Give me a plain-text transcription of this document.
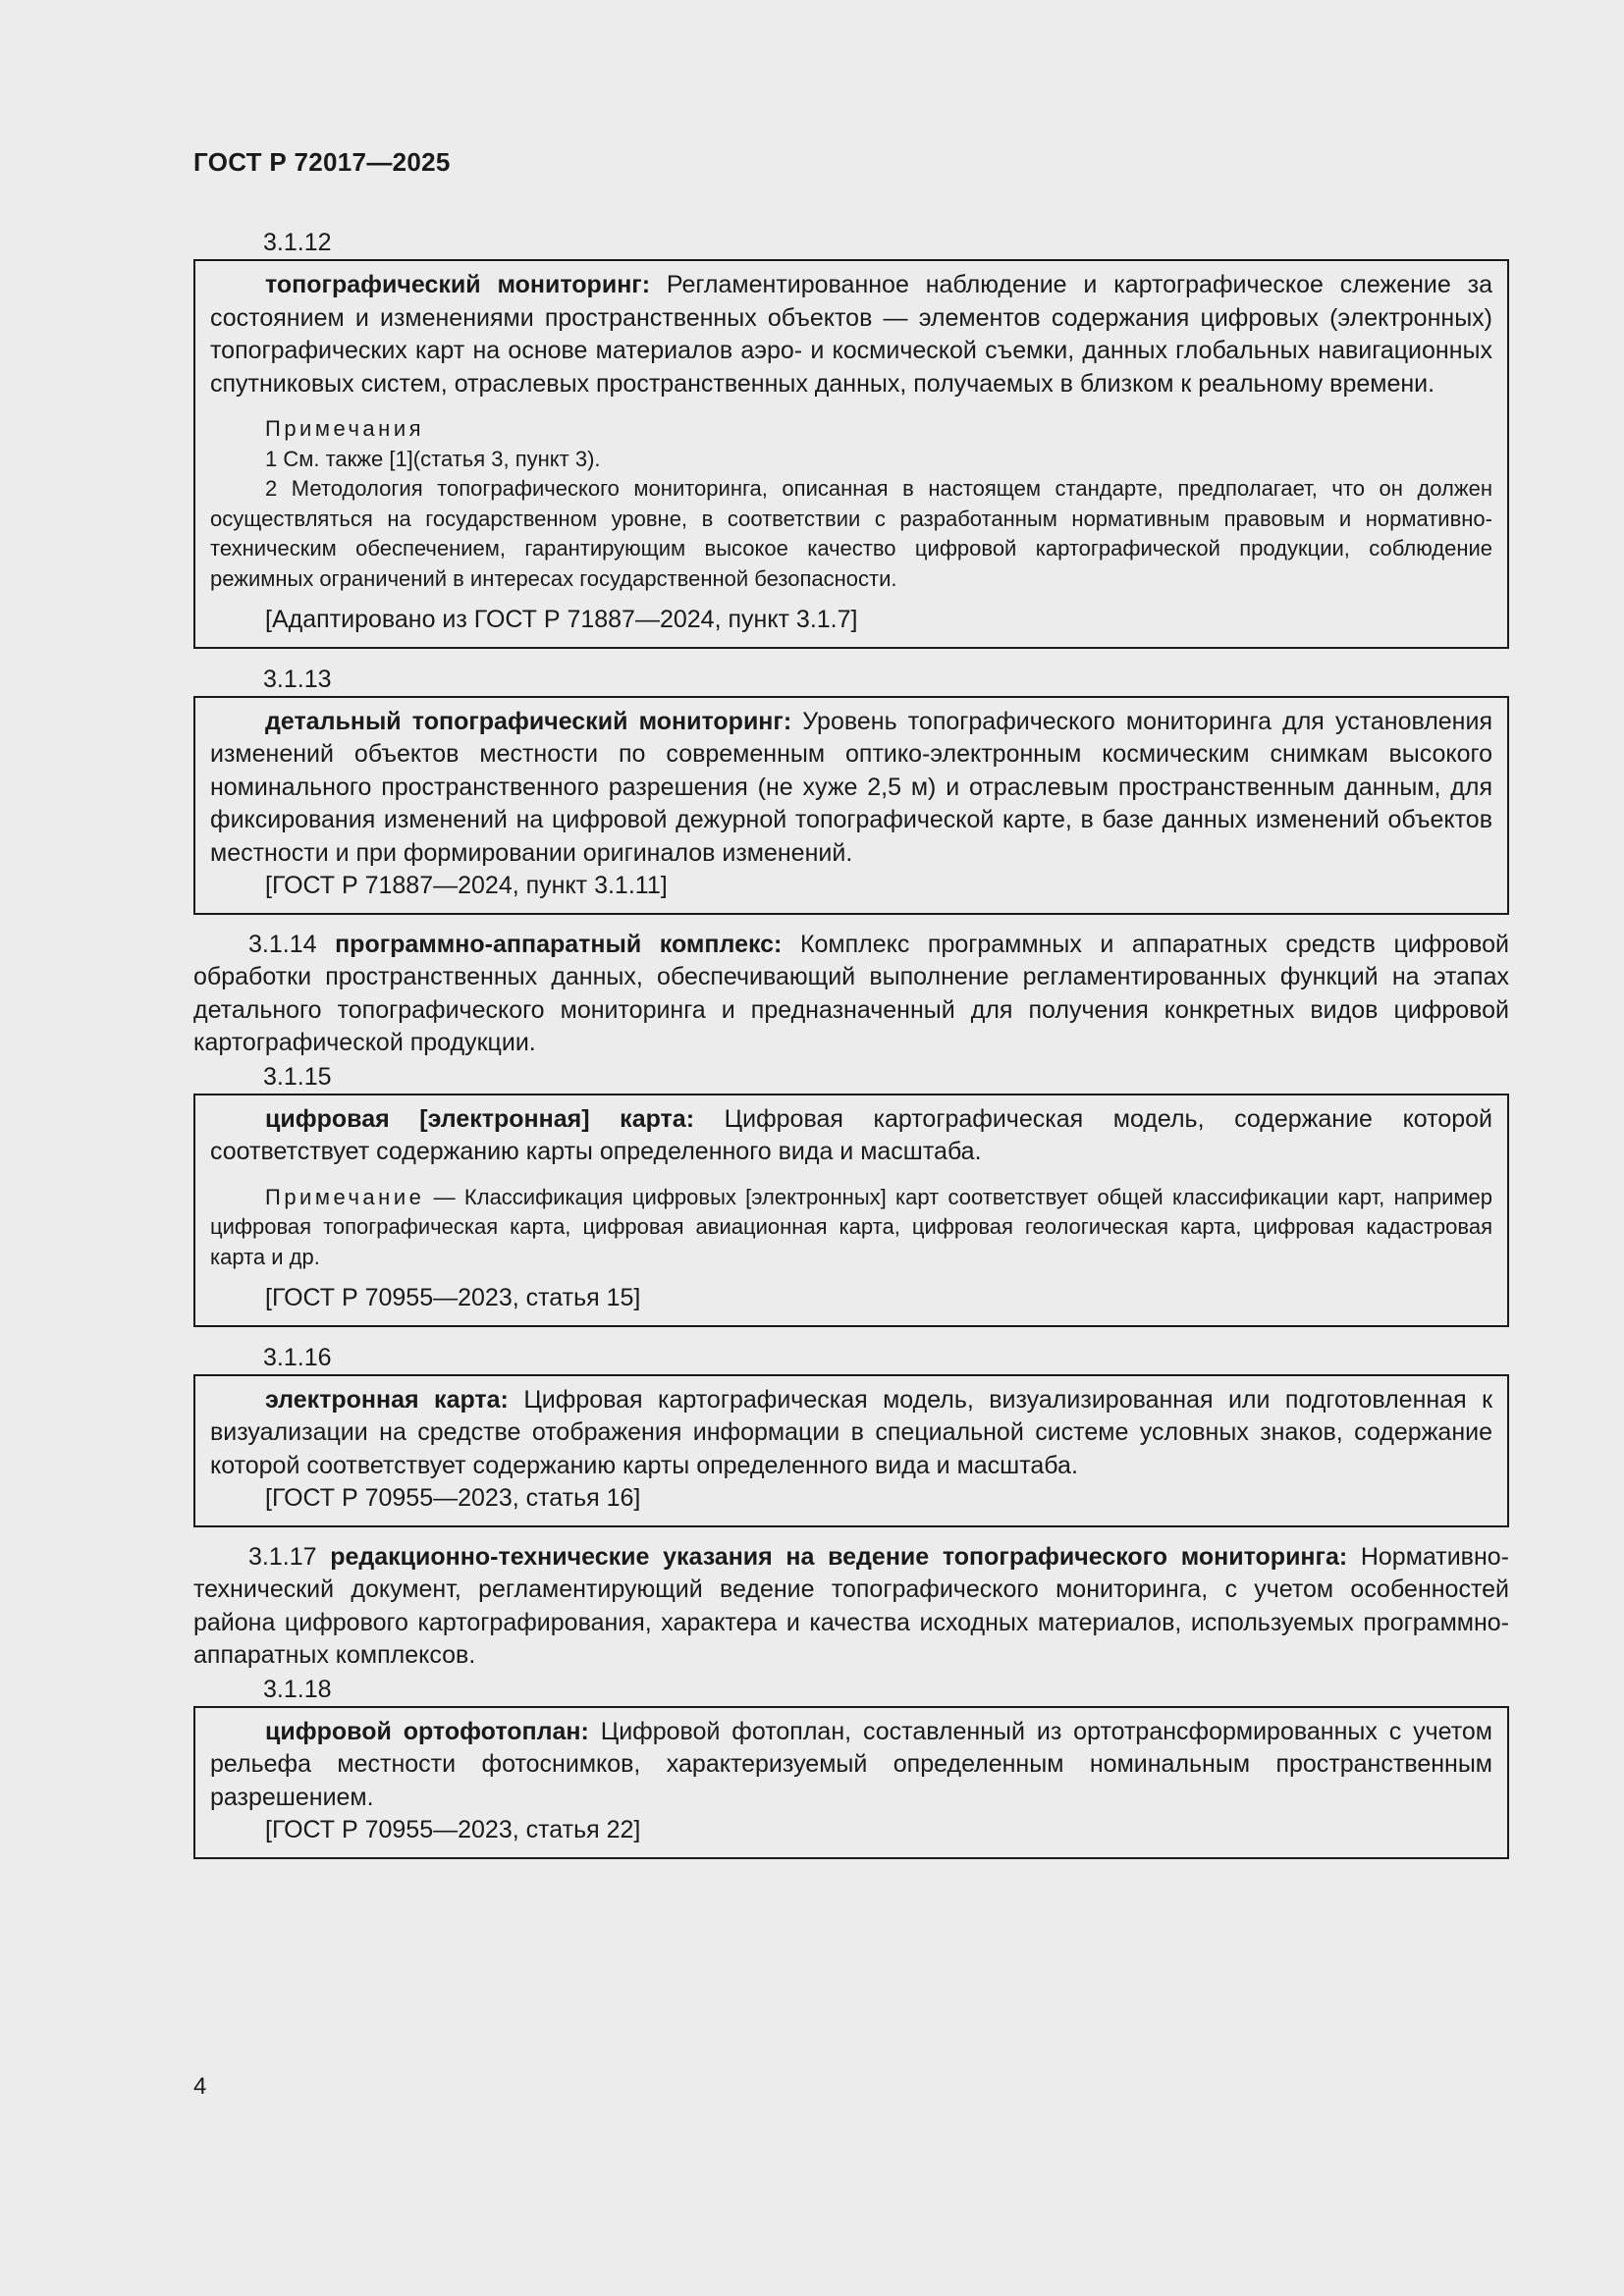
ГОСТ Р 72017—2025
3.1.12

топографический мониторинг: Регламентированное наблюдение и картографическое слежение за состоянием и изменениями пространственных объектов — элементов содержания цифровых (электронных) топографических карт на основе материалов аэро- и космической съемки, данных глобальных навигационных спутниковых систем, отраслевых пространственных данных, получаемых в близком к реальному времени.

Примечания

1 См. также [1](статья 3, пункт 3).

2 Методология топографического мониторинга, описанная в настоящем стандарте, предполагает, что он должен осуществляться на государственном уровне, в соответствии с разработанным нормативным правовым и нормативно-техническим обеспечением, гарантирующим высокое качество цифровой картографической продукции, соблюдение режимных ограничений в интересах государственной безопасности.

[Адаптировано из ГОСТ Р 71887—2024, пункт 3.1.7]
3.1.13

детальный топографический мониторинг: Уровень топографического мониторинга для установления изменений объектов местности по современным оптико-электронным космическим снимкам высокого номинального пространственного разрешения (не хуже 2,5 м) и отраслевым пространственным данным, для фиксирования изменений на цифровой дежурной топографической карте, в базе данных изменений объектов местности и при формировании оригиналов изменений.

[ГОСТ Р 71887—2024, пункт 3.1.11]

3.1.14 программно-аппаратный комплекс: Комплекс программных и аппаратных средств цифровой обработки пространственных данных, обеспечивающий выполнение регламентированных функций на этапах детального топографического мониторинга и предназначенный для получения конкретных видов цифровой картографической продукции.

3.1.15

цифровая [электронная] карта: Цифровая картографическая модель, содержание которой соответствует содержанию карты определенного вида и масштаба.

Примечание — Классификация цифровых [электронных] карт соответствует общей классификации карт, например цифровая топографическая карта, цифровая авиационная карта, цифровая геологическая карта, цифровая кадастровая карта и др.

[ГОСТ Р 70955—2023, статья 15]
3.1.16

электронная карта: Цифровая картографическая модель, визуализированная или подготовленная к визуализации на средстве отображения информации в специальной системе условных знаков, содержание которой соответствует содержанию карты определенного вида и масштаба.

[ГОСТ Р 70955—2023, статья 16]

3.1.17 редакционно-технические указания на ведение топографического мониторинга: Нормативно-технический документ, регламентирующий ведение топографического мониторинга, с учетом особенностей района цифрового картографирования, характера и качества исходных материалов, используемых программно-аппаратных комплексов.

3.1.18

цифровой ортофотоплан: Цифровой фотоплан, составленный из ортотрансформированных с учетом рельефа местности фотоснимков, характеризуемый определенным номинальным пространственным разрешением.

[ГОСТ Р 70955—2023, статья 22]
4
